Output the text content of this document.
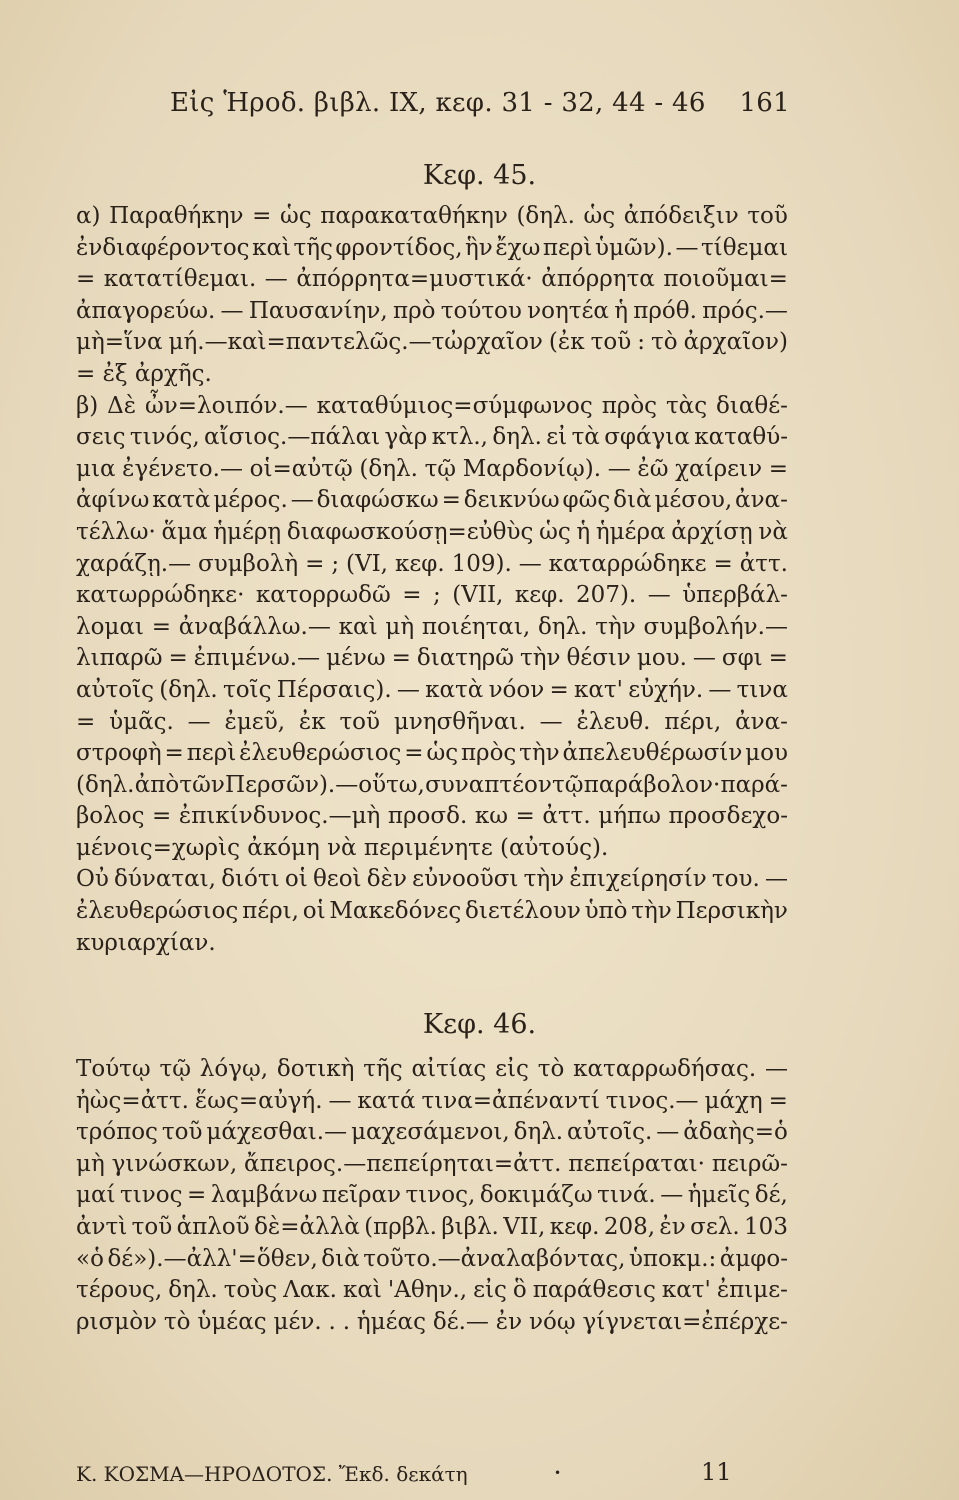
Εἰς Ἡροδ. βιβλ. ΙΧ, κεφ. 31 - 32, 44 - 46 161
Κεφ. 45.
α) Παραθήκην = ὡς παρακαταθήκην (δηλ. ὡς ἀπόδειξιν τοῦ
ἐνδιαφέροντος καὶ τῆς φροντίδος, ἣν ἔχω περὶ ὑμῶν). — τίθεμαι
= κατατίθεμαι. — ἀπόρρητα=μυστικά· ἀπόρρητα ποιοῦμαι=
ἀπαγορεύω. — Παυσανίην, πρὸ τούτου νοητέα ἡ πρόθ. πρός.—
μὴ=ἵνα μή.—καὶ=παντελῶς.—τὠρχαῖον (ἐκ τοῦ : τὸ ἀρχαῖον)
= ἐξ ἀρχῆς.
β) Δὲ ὦν=λοιπόν.— καταθύμιος=σύμφωνος πρὸς τὰς διαθέ-
σεις τινός, αἴσιος.—πάλαι γὰρ κτλ., δηλ. εἰ τὰ σφάγια καταθύ-
μια ἐγένετο.— οἱ=αὐτῷ (δηλ. τῷ Μαρδονίῳ). — ἐῶ χαίρειν =
ἀφίνω κατὰ μέρος. — διαφώσκω = δεικνύω φῶς διὰ μέσου, ἀνα-
τέλλω· ἅμα ἡμέρῃ διαφωσκούσῃ=εὐθὺς ὡς ἡ ἡμέρα ἀρχίσῃ νὰ
χαράζῃ.— συμβολὴ = ; (VI, κεφ. 109). — καταρρώδηκε = ἀττ.
κατωρρώδηκε· κατορρωδῶ = ; (VII, κεφ. 207). — ὑπερβάλ-
λομαι = ἀναβάλλω.— καὶ μὴ ποιέηται, δηλ. τὴν συμβολήν.—
λιπαρῶ = ἐπιμένω.— μένω = διατηρῶ τὴν θέσιν μου. — σφι =
αὐτοῖς (δηλ. τοῖς Πέρσαις). — κατὰ νόον = κατ' εὐχήν. — τινα
= ὑμᾶς. — ἐμεῦ, ἐκ τοῦ μνησθῆναι. — ἐλευθ. πέρι, ἀνα-
στροφὴ = περὶ ἐλευθερώσιος = ὡς πρὸς τὴν ἀπελευθέρωσίν μου
(δηλ. ἀπὸ τῶν Περσῶν).—οὕτω, συναπτέον τῷ παράβολον· παρά-
βολος = ἐπικίνδυνος.—μὴ προσδ. κω = ἀττ. μήπω προσδεχο-
μένοις=χωρὶς ἀκόμη νὰ περιμένητε (αὐτούς).
Οὐ δύναται, διότι οἱ θεοὶ δὲν εὐνοοῦσι τὴν ἐπιχείρησίν του. —
ἐλευθερώσιος πέρι, οἱ Μακεδόνες διετέλουν ὑπὸ τὴν Περσικὴν
κυριαρχίαν.
Κεφ. 46.
Τούτῳ τῷ λόγῳ, δοτικὴ τῆς αἰτίας εἰς τὸ καταρρωδήσας. —
ἠὼς=ἀττ. ἕως=αὐγή. — κατά τινα=ἀπέναντί τινος.— μάχη =
τρόπος τοῦ μάχεσθαι.— μαχεσάμενοι, δηλ. αὐτοῖς. — ἀδαὴς=ὁ
μὴ γινώσκων, ἄπειρος.—πεπείρηται=ἀττ. πεπείραται· πειρῶ-
μαί τινος = λαμβάνω πεῖραν τινος, δοκιμάζω τινά. — ἡμεῖς δέ,
ἀντὶ τοῦ ἁπλοῦ δὲ=ἀλλὰ (πρβλ. βιβλ. VII, κεφ. 208, ἐν σελ. 103
«ὁ δέ»).—ἀλλ'=ὅθεν, διὰ τοῦτο.—ἀναλαβόντας, ὑποκμ.: ἀμφο-
τέρους, δηλ. τοὺς Λακ. καὶ 'Αθην., εἰς ὃ παράθεσις κατ' ἐπιμε-
ρισμὸν τὸ ὑμέας μέν. . . ἡμέας δέ.— ἐν νόῳ γίγνεται=ἐπέρχε-
Κ. ΚΟΣΜΑ—ΗΡΟΔΟΤΟΣ. Ἔκδ. δεκάτη	•	11
